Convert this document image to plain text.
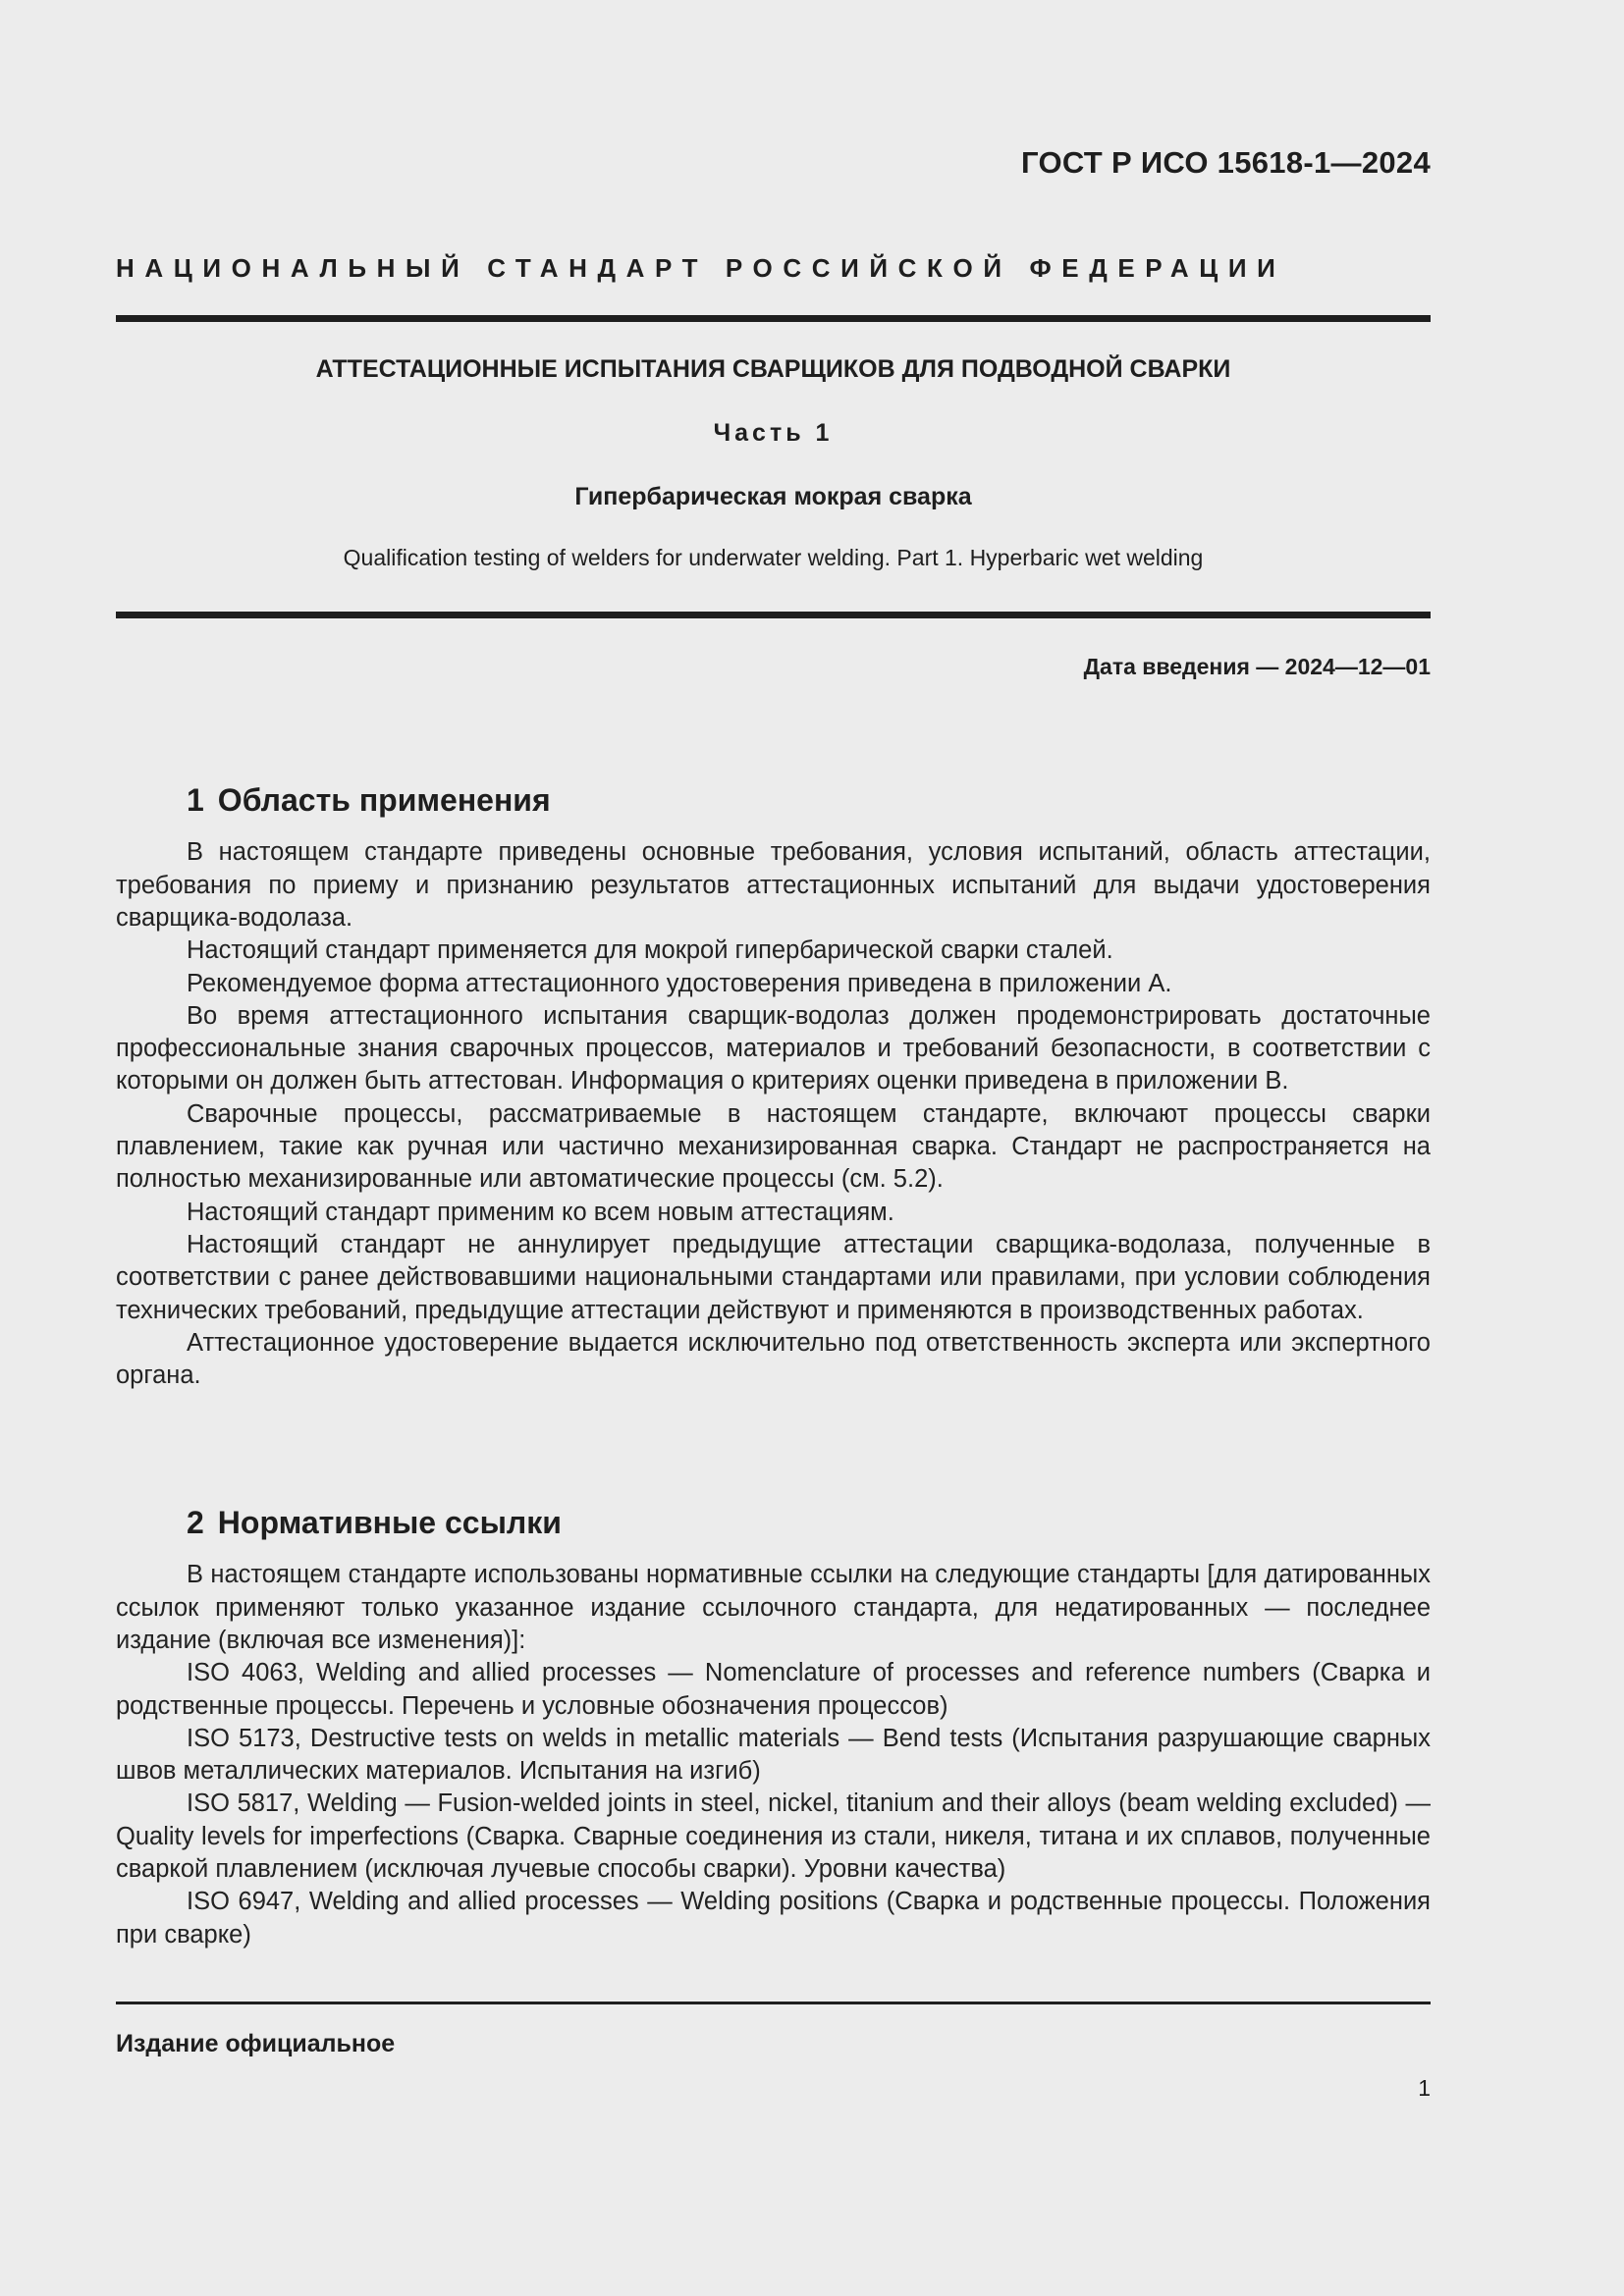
ГОСТ Р ИСО 15618-1—2024
НАЦИОНАЛЬНЫЙ СТАНДАРТ РОССИЙСКОЙ ФЕДЕРАЦИИ
АТТЕСТАЦИОННЫЕ ИСПЫТАНИЯ СВАРЩИКОВ ДЛЯ ПОДВОДНОЙ СВАРКИ
Часть 1
Гипербарическая мокрая сварка
Qualification testing of welders for underwater welding. Part 1. Hyperbaric wet welding
Дата введения — 2024—12—01
1 Область применения

В настоящем стандарте приведены основные требования, условия испытаний, область аттестации, требования по приему и признанию результатов аттестационных испытаний для выдачи удостоверения сварщика-водолаза.

Настоящий стандарт применяется для мокрой гипербарической сварки сталей.

Рекомендуемое форма аттестационного удостоверения приведена в приложении А.

Во время аттестационного испытания сварщик-водолаз должен продемонстрировать достаточные профессиональные знания сварочных процессов, материалов и требований безопасности, в соответствии с которыми он должен быть аттестован. Информация о критериях оценки приведена в приложении В.

Сварочные процессы, рассматриваемые в настоящем стандарте, включают процессы сварки плавлением, такие как ручная или частично механизированная сварка. Стандарт не распространяется на полностью механизированные или автоматические процессы (см. 5.2).

Настоящий стандарт применим ко всем новым аттестациям.

Настоящий стандарт не аннулирует предыдущие аттестации сварщика-водолаза, полученные в соответствии с ранее действовавшими национальными стандартами или правилами, при условии соблюдения технических требований, предыдущие аттестации действуют и применяются в производственных работах.

Аттестационное удостоверение выдается исключительно под ответственность эксперта или экспертного органа.

2 Нормативные ссылки

В настоящем стандарте использованы нормативные ссылки на следующие стандарты [для датированных ссылок применяют только указанное издание ссылочного стандарта, для недатированных — последнее издание (включая все изменения)]:

ISO 4063, Welding and allied processes — Nomenclature of processes and reference numbers (Сварка и родственные процессы. Перечень и условные обозначения процессов)

ISO 5173, Destructive tests on welds in metallic materials — Bend tests (Испытания разрушающие сварных швов металлических материалов. Испытания на изгиб)

ISO 5817, Welding — Fusion-welded joints in steel, nickel, titanium and their alloys (beam welding excluded) — Quality levels for imperfections (Сварка. Сварные соединения из стали, никеля, титана и их сплавов, полученные сваркой плавлением (исключая лучевые способы сварки). Уровни качества)

ISO 6947, Welding and allied processes — Welding positions (Сварка и родственные процессы. Положения при сварке)

Издание официальное
1
